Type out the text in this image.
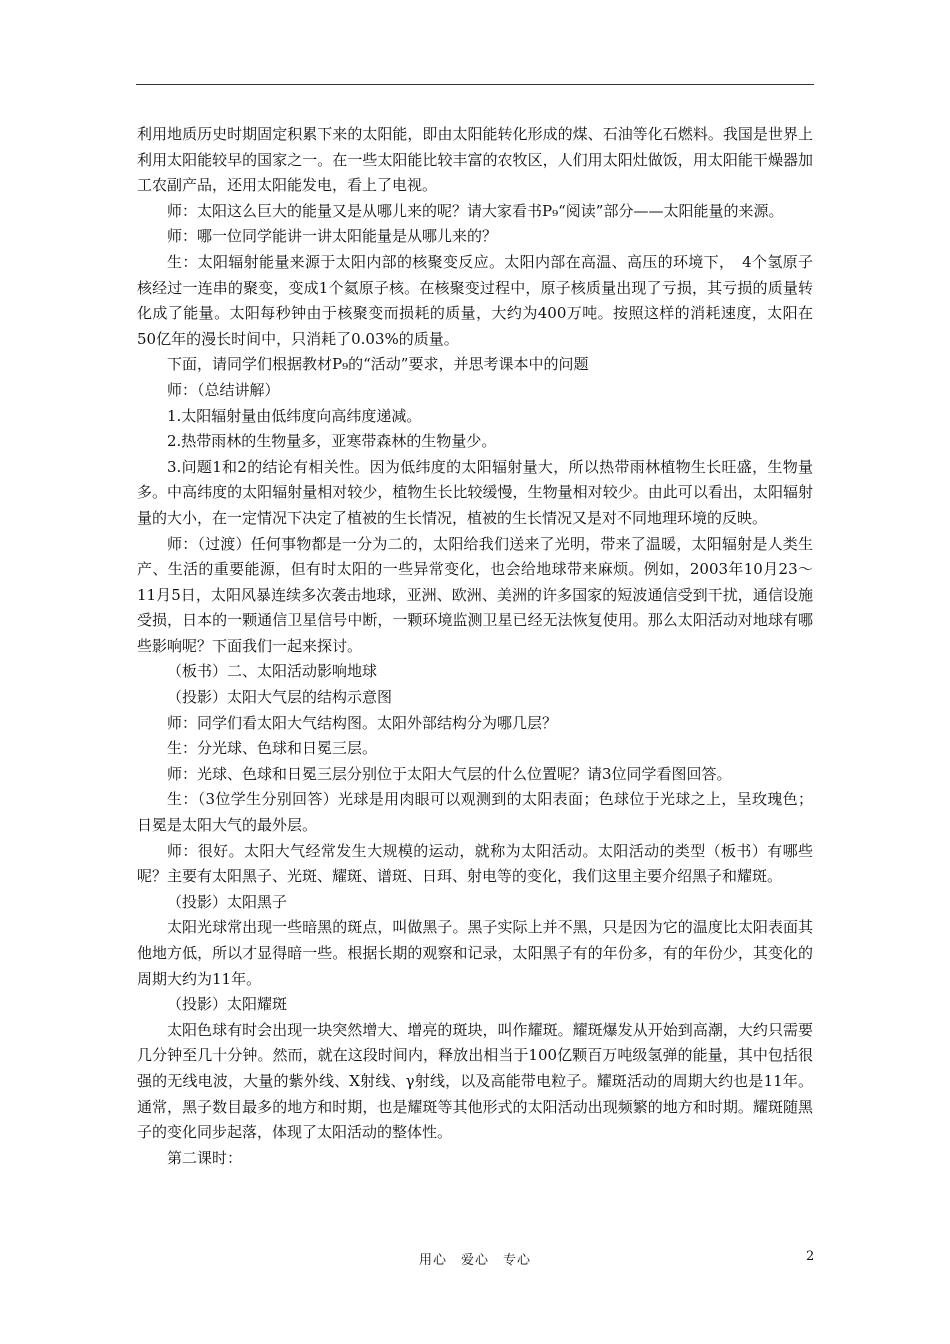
利用地质历史时期固定积累下来的太阳能，即由太阳能转化形成的煤、石油等化石燃料。我国是世界上利用太阳能较早的国家之一。在一些太阳能比较丰富的农牧区，人们用太阳灶做饭，用太阳能干燥器加工农副产品，还用太阳能发电，看上了电视。

师：太阳这么巨大的能量又是从哪儿来的呢？请大家看书P₉“阅读”部分——太阳能量的来源。

师：哪一位同学能讲一讲太阳能量是从哪儿来的？

生：太阳辐射能量来源于太阳内部的核聚变反应。太阳内部在高温、高压的环境下，　4个氢原子核经过一连串的聚变，变成1个氦原子核。在核聚变过程中，原子核质量出现了亏损，其亏损的质量转化成了能量。太阳每秒钟由于核聚变而损耗的质量，大约为400万吨。按照这样的消耗速度，太阳在50亿年的漫长时间中，只消耗了0.03%的质量。

下面，请同学们根据教材P₉的“活动”要求，并思考课本中的问题

师：（总结讲解）

1.太阳辐射量由低纬度向高纬度递减。

2.热带雨林的生物量多，亚寒带森林的生物量少。

3.问题1和2的结论有相关性。因为低纬度的太阳辐射量大，所以热带雨林植物生长旺盛，生物量多。中高纬度的太阳辐射量相对较少，植物生长比较缓慢，生物量相对较少。由此可以看出，太阳辐射量的大小，在一定情况下决定了植被的生长情况，植被的生长情况又是对不同地理环境的反映。

师：（过渡）任何事物都是一分为二的，太阳给我们送来了光明，带来了温暖，太阳辐射是人类生产、生活的重要能源，但有时太阳的一些异常变化，也会给地球带来麻烦。例如，2003年10月23～11月5日，太阳风暴连续多次袭击地球，亚洲、欧洲、美洲的许多国家的短波通信受到干扰，通信设施受损，日本的一颗通信卫星信号中断，一颗环境监测卫星已经无法恢复使用。那么太阳活动对地球有哪些影响呢？下面我们一起来探讨。

（板书）二、太阳活动影响地球

（投影）太阳大气层的结构示意图

师：同学们看太阳大气结构图。太阳外部结构分为哪几层？

生：分光球、色球和日冕三层。

师：光球、色球和日冕三层分别位于太阳大气层的什么位置呢？请3位同学看图回答。

生：（3位学生分别回答）光球是用肉眼可以观测到的太阳表面；色球位于光球之上，呈玫瑰色；日冕是太阳大气的最外层。

师：很好。太阳大气经常发生大规模的运动，就称为太阳活动。太阳活动的类型（板书）有哪些呢？主要有太阳黑子、光斑、耀斑、谱斑、日珥、射电等的变化，我们这里主要介绍黑子和耀斑。

（投影）太阳黑子

太阳光球常出现一些暗黑的斑点，叫做黑子。黑子实际上并不黑，只是因为它的温度比太阳表面其他地方低，所以才显得暗一些。根据长期的观察和记录，太阳黑子有的年份多，有的年份少，其变化的周期大约为11年。

（投影）太阳耀斑

太阳色球有时会出现一块突然增大、增亮的斑块，叫作耀斑。耀斑爆发从开始到高潮，大约只需要几分钟至几十分钟。然而，就在这段时间内，释放出相当于100亿颗百万吨级氢弹的能量，其中包括很强的无线电波，大量的紫外线、X射线、γ射线，以及高能带电粒子。耀斑活动的周期大约也是11年。通常，黑子数目最多的地方和时期，也是耀斑等其他形式的太阳活动出现频繁的地方和时期。耀斑随黑子的变化同步起落，体现了太阳活动的整体性。

第二课时：

用心　爱心　专心	2
